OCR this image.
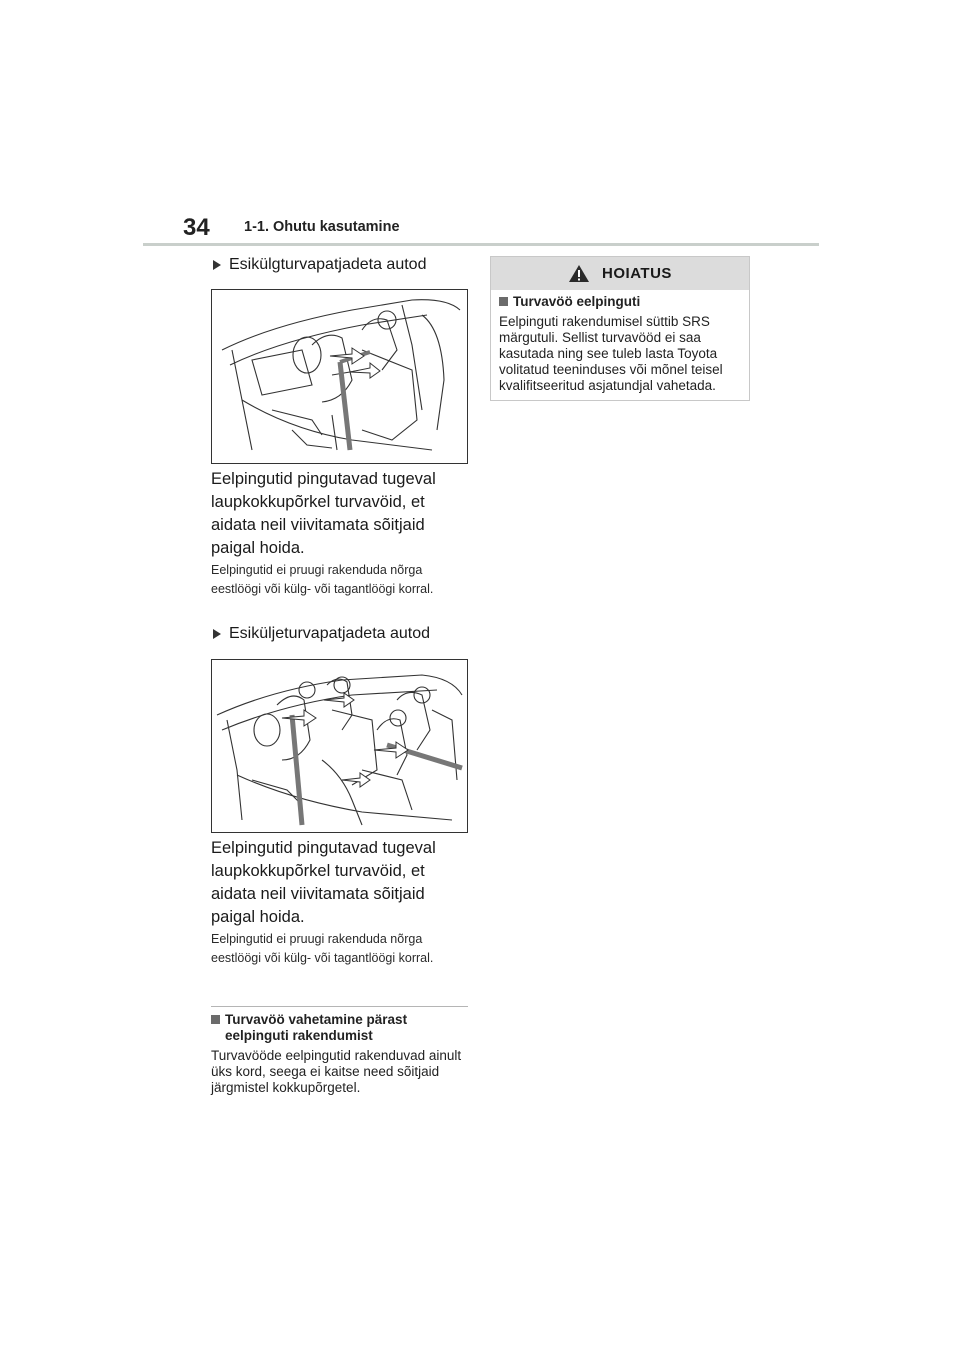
34 1-1. Ohutu kasutamine
Esikülgturvapatjadeta autod
Eelpingutid pingutavad tugeval laupkokkupõrkel turvavöid, et aidata neil viivitamata sõitjaid paigal hoida.
Eelpingutid ei pruugi rakenduda nõrga eestlöögi või külg- või tagantlöögi korral.
Esiküljeturvapatjadeta autod
Eelpingutid pingutavad tugeval laupkokkupõrkel turvavöid, et aidata neil viivitamata sõitjaid paigal hoida.
Eelpingutid ei pruugi rakenduda nõrga eestlöögi või külg- või tagantlöögi korral.
Turvavöö vahetamine pärast eelpinguti rakendumist
Turvavööde eelpingutid rakenduvad ainult üks kord, seega ei kaitse need sõitjaid järgmistel kokkupõrgetel.
HOIATUS
Turvavöö eelpinguti
Eelpinguti rakendumisel süttib SRS märgutuli. Sellist turvavööd ei saa kasutada ning see tuleb lasta Toyota volitatud teeninduses või mõnel teisel kvalifitseeritud asjatundjal vahetada.
